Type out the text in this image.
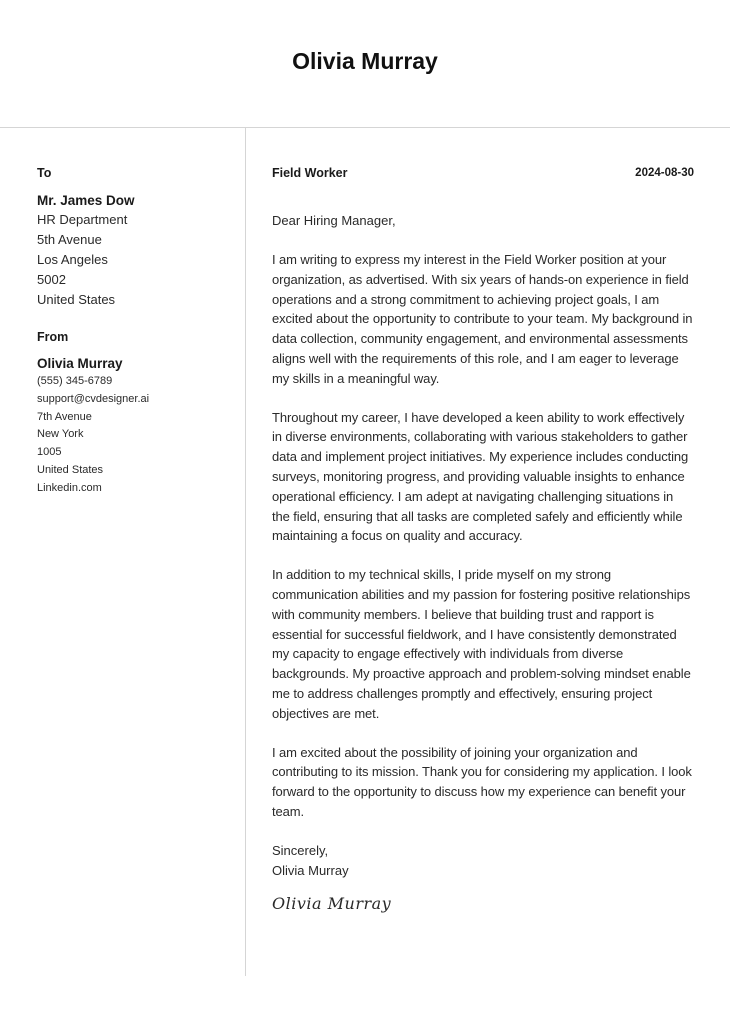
Olivia Murray
To
Mr. James Dow
HR Department
5th Avenue
Los Angeles
5002
United States
From
Olivia Murray
(555) 345-6789
support@cvdesigner.ai
7th Avenue
New York
1005
United States
Linkedin.com
Field Worker	2024-08-30
Dear Hiring Manager,
I am writing to express my interest in the Field Worker position at your organization, as advertised. With six years of hands-on experience in field operations and a strong commitment to achieving project goals, I am excited about the opportunity to contribute to your team. My background in data collection, community engagement, and environmental assessments aligns well with the requirements of this role, and I am eager to leverage my skills in a meaningful way.
Throughout my career, I have developed a keen ability to work effectively in diverse environments, collaborating with various stakeholders to gather data and implement project initiatives. My experience includes conducting surveys, monitoring progress, and providing valuable insights to enhance operational efficiency. I am adept at navigating challenging situations in the field, ensuring that all tasks are completed safely and efficiently while maintaining a focus on quality and accuracy.
In addition to my technical skills, I pride myself on my strong communication abilities and my passion for fostering positive relationships with community members. I believe that building trust and rapport is essential for successful fieldwork, and I have consistently demonstrated my capacity to engage effectively with individuals from diverse backgrounds. My proactive approach and problem-solving mindset enable me to address challenges promptly and effectively, ensuring project objectives are met.
I am excited about the possibility of joining your organization and contributing to its mission. Thank you for considering my application. I look forward to the opportunity to discuss how my experience can benefit your team.
Sincerely,
Olivia Murray
Olivia Murray
